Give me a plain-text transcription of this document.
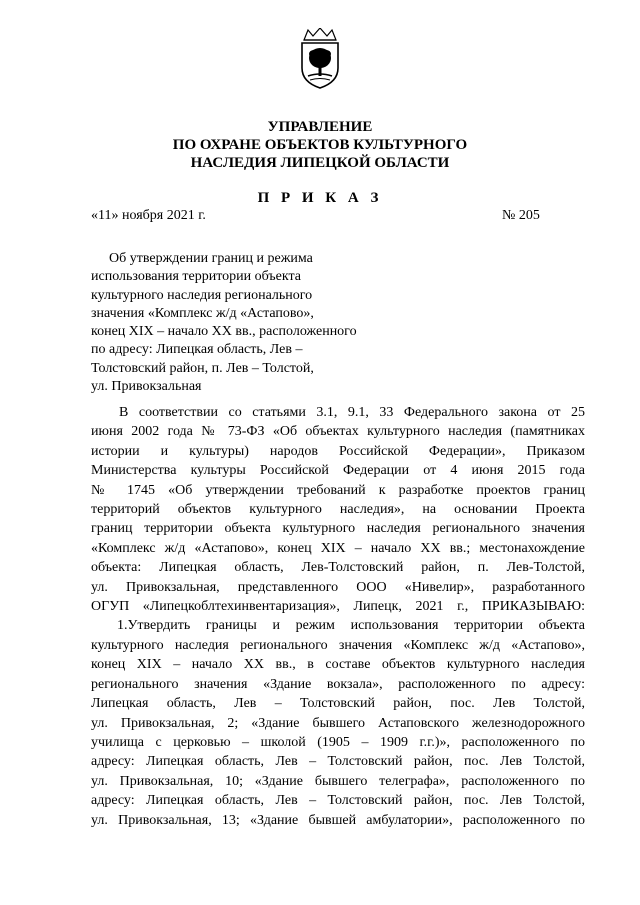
УПРАВЛЕНИЕ
ПО ОХРАНЕ ОБЪЕКТОВ КУЛЬТУРНОГО
НАСЛЕДИЯ ЛИПЕЦКОЙ ОБЛАСТИ
П Р И К А З
«11» ноября 2021 г.	№ 205
Об утверждении границ и режима
использования территории объекта
культурного наследия регионального
значения «Комплекс ж/д «Астапово»,
конец XIX – начало XX вв., расположенного
по адресу: Липецкая область, Лев –
Толстовский район, п. Лев – Толстой,
ул. Привокзальная
В соответствии со статьями 3.1, 9.1, 33 Федерального закона от 25
июня 2002 года № 73-ФЗ «Об объектах культурного наследия (памятниках
истории и культуры) народов Российской Федерации», Приказом
Министерства культуры Российской Федерации от 4 июня 2015 года
№ 1745 «Об утверждении требований к разработке проектов границ
территорий объектов культурного наследия», на основании Проекта
границ территории объекта культурного наследия регионального значения
«Комплекс ж/д «Астапово», конец XIX – начало XX вв.; местонахождение
объекта: Липецкая область, Лев-Толстовский район, п. Лев-Толстой,
ул. Привокзальная, представленного ООО «Нивелир», разработанного
ОГУП «Липецкоблтехинвентаризация», Липецк, 2021 г., ПРИКАЗЫВАЮ:
1.Утвердить границы и режим использования территории объекта
культурного наследия регионального значения «Комплекс ж/д «Астапово»,
конец XIX – начало XX вв., в составе объектов культурного наследия
регионального значения «Здание вокзала», расположенного по адресу:
Липецкая область, Лев – Толстовский район, пос. Лев Толстой,
ул. Привокзальная, 2; «Здание бывшего Астаповского железнодорожного
училища с церковью – школой (1905 – 1909 г.г.)», расположенного по
адресу: Липецкая область, Лев – Толстовский район, пос. Лев Толстой,
ул. Привокзальная, 10; «Здание бывшего телеграфа», расположенного по
адресу: Липецкая область, Лев – Толстовский район, пос. Лев Толстой,
ул. Привокзальная, 13; «Здание бывшей амбулатории», расположенного по
